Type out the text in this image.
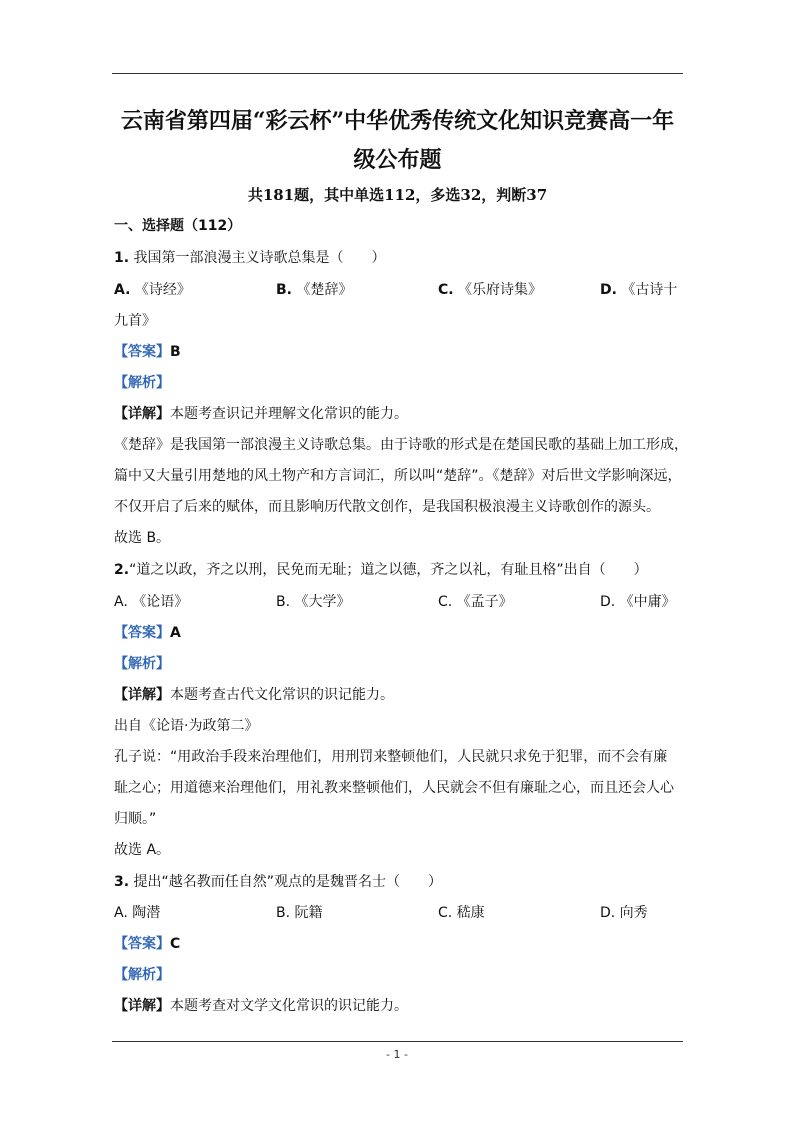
云南省第四届“彩云杯”中华优秀传统文化知识竞赛高一年
级公布题
共181题，其中单选112，多选32，判断37
一、选择题（112）
1. 我国第一部浪漫主义诗歌总集是（　　）
A. 《诗经》	B. 《楚辞》	C. 《乐府诗集》	D. 《古诗十
九首》
【答案】B
【解析】
【详解】本题考查识记并理解文化常识的能力。
《楚辞》是我国第一部浪漫主义诗歌总集。由于诗歌的形式是在楚国民歌的基础上加工形成，
篇中又大量引用楚地的风土物产和方言词汇，所以叫“楚辞”。《楚辞》对后世文学影响深远，
不仅开启了后来的赋体，而且影响历代散文创作，是我国积极浪漫主义诗歌创作的源头。
故选 B。
2.“道之以政，齐之以刑，民免而无耻；道之以德，齐之以礼，有耻且格”出自（　　）
A. 《论语》	B. 《大学》	C. 《孟子》	D. 《中庸》
【答案】A
【解析】
【详解】本题考查古代文化常识的识记能力。
出自《论语·为政第二》
孔子说：“用政治手段来治理他们，用刑罚来整顿他们，人民就只求免于犯罪，而不会有廉
耻之心；用道德来治理他们，用礼教来整顿他们，人民就会不但有廉耻之心，而且还会人心
归顺。”
故选 A。
3. 提出“越名教而任自然”观点的是魏晋名士（　　）
A. 陶潜	B. 阮籍	C. 嵇康	D. 向秀
【答案】C
【解析】
【详解】本题考查对文学文化常识的识记能力。
- 1 -
